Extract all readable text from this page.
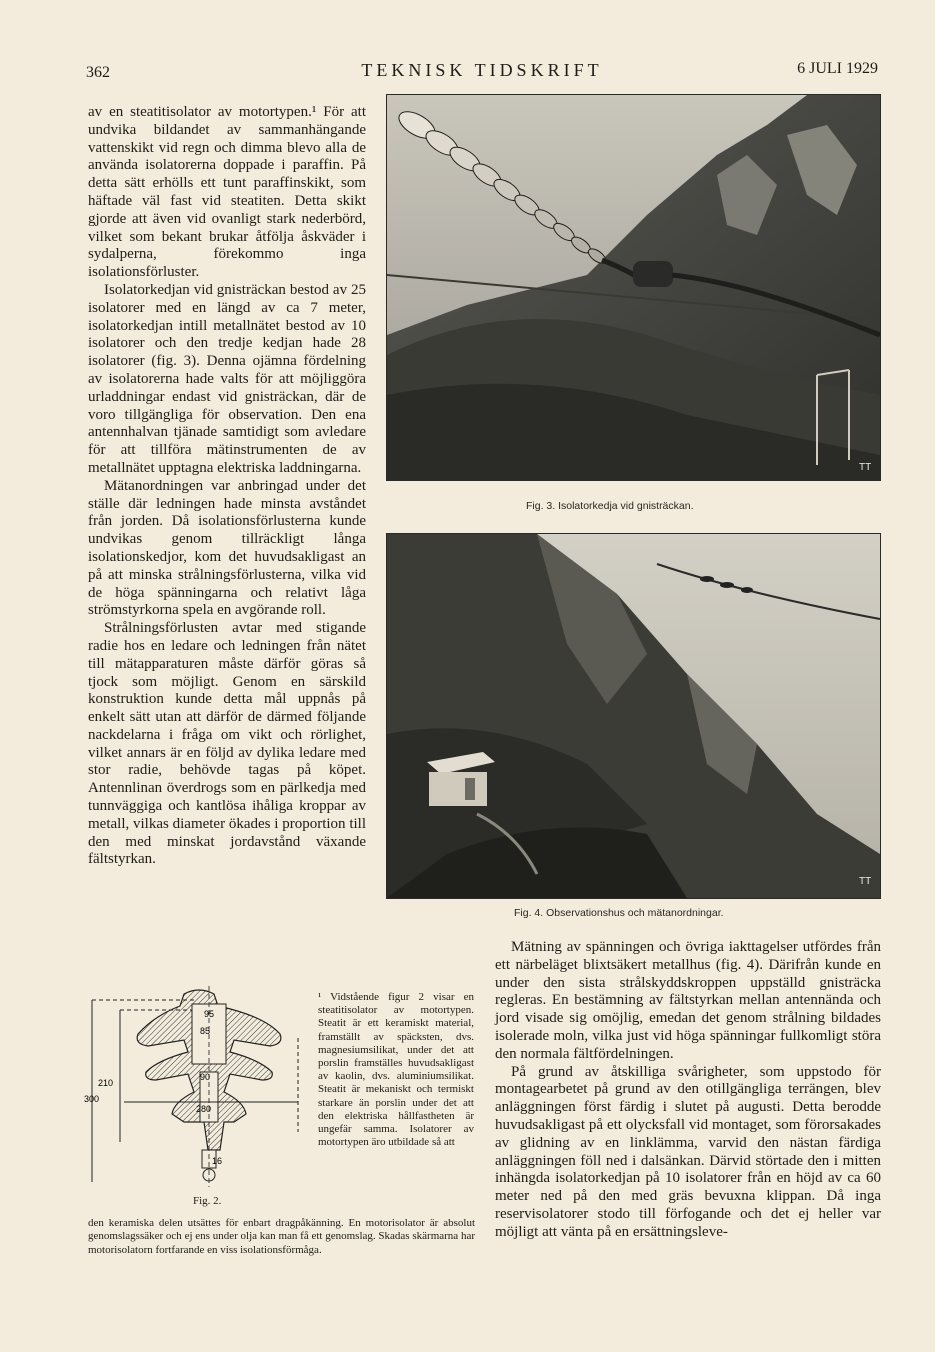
362	TEKNISK TIDSKRIFT	6 JULI 1929

av en steatitisolator av motortypen.¹ För att undvika bildandet av sammanhängande vattenskikt vid regn och dimma blevo alla de använda isolatorerna doppade i paraffin. På detta sätt erhölls ett tunt paraffinskikt, som häftade väl fast vid steatiten. Detta skikt gjorde att även vid ovanligt stark nederbörd, vilket som bekant brukar åtfölja åskväder i sydalperna, förekommo inga isolationsförluster.

Isolatorkedjan vid gnisträckan bestod av 25 isolatorer med en längd av ca 7 meter, isolatorkedjan intill metallnätet bestod av 10 isolatorer och den tredje kedjan hade 28 isolatorer (fig. 3). Denna ojämna fördelning av isolatorerna hade valts för att möjliggöra urladdningar endast vid gnisträckan, där de voro tillgängliga för observation. Den ena antennhalvan tjänade samtidigt som avledare för att tillföra mätinstrumenten de av metallnätet upptagna elektriska laddningarna.

Mätanordningen var anbringad under det ställe där ledningen hade minsta avståndet från jorden. Då isolationsförlusterna kunde undvikas genom tillräckligt långa isolationskedjor, kom det huvudsakligast an på att minska strålningsförlusterna, vilka vid de höga spänningarna och relativt låga strömstyrkorna spela en avgörande roll.

Strålningsförlusten avtar med stigande radie hos en ledare och ledningen från nätet till mätapparaturen måste därför göras så tjock som möjligt. Genom en särskild konstruktion kunde detta mål uppnås på enkelt sätt utan att därför de därmed följande nackdelarna i fråga om vikt och rörlighet, vilket annars är en följd av dylika ledare med stor radie, behövde tagas på köpet. Antennlinan överdrogs som en pärlkedja med tunnväggiga och kantlösa ihåliga kroppar av metall, vilkas diameter ökades i proportion till den med minskat jordavstånd växande fältstyrkan.

TT
Fig. 3. Isolatorkedja vid gnisträckan.
TT
Fig. 4. Observationshus och mätanordningar.

Mätning av spänningen och övriga iakttagelser utfördes från ett närbeläget blixtsäkert metallhus (fig. 4). Därifrån kunde en under den sista strålskyddskroppen uppställd gnisträcka regleras. En bestämning av fältstyrkan mellan antennända och jord visade sig omöjlig, emedan det genom strålning bildades isolerade moln, vilka just vid höga spänningar fullkomligt störa den normala fältfördelningen.

På grund av åtskilliga svårigheter, som uppstodo för montagearbetet på grund av den otillgängliga terrängen, blev anläggningen först färdig i slutet på augusti. Detta berodde huvudsakligast på ett olycksfall vid montaget, som förorsakades av glidning av en linklämma, varvid den nästan färdiga anläggningen föll ned i dalsänkan. Därvid störtade den i mitten inhängda isolatorkedjan på 10 isolatorer från en höjd av ca 60 meter ned på den med gräs bevuxna klippan. Då inga reservisolatorer stodo till förfogande och det ej heller var möjligt att vänta på en ersättningsleve-

95
85
90
280
210
300
16
Fig. 2.
¹ Vidstående figur 2 visar en steatitisolator av motortypen. Steatit är ett keramiskt material, framställt av späcksten, dvs. magnesiumsilikat, under det att porslin framställes huvudsakligast av kaolin, dvs. aluminiumsilikat. Steatit är mekaniskt och termiskt starkare än porslin under det att den elektriska hållfastheten är ungefär samma. Isolatorer av motortypen äro utbildade så att
den keramiska delen utsättes för enbart dragpåkänning. En motorisolator är absolut genomslagssäker och ej ens under olja kan man få ett genomslag. Skadas skärmarna har motorisolatorn fortfarande en viss isolationsförmåga.
